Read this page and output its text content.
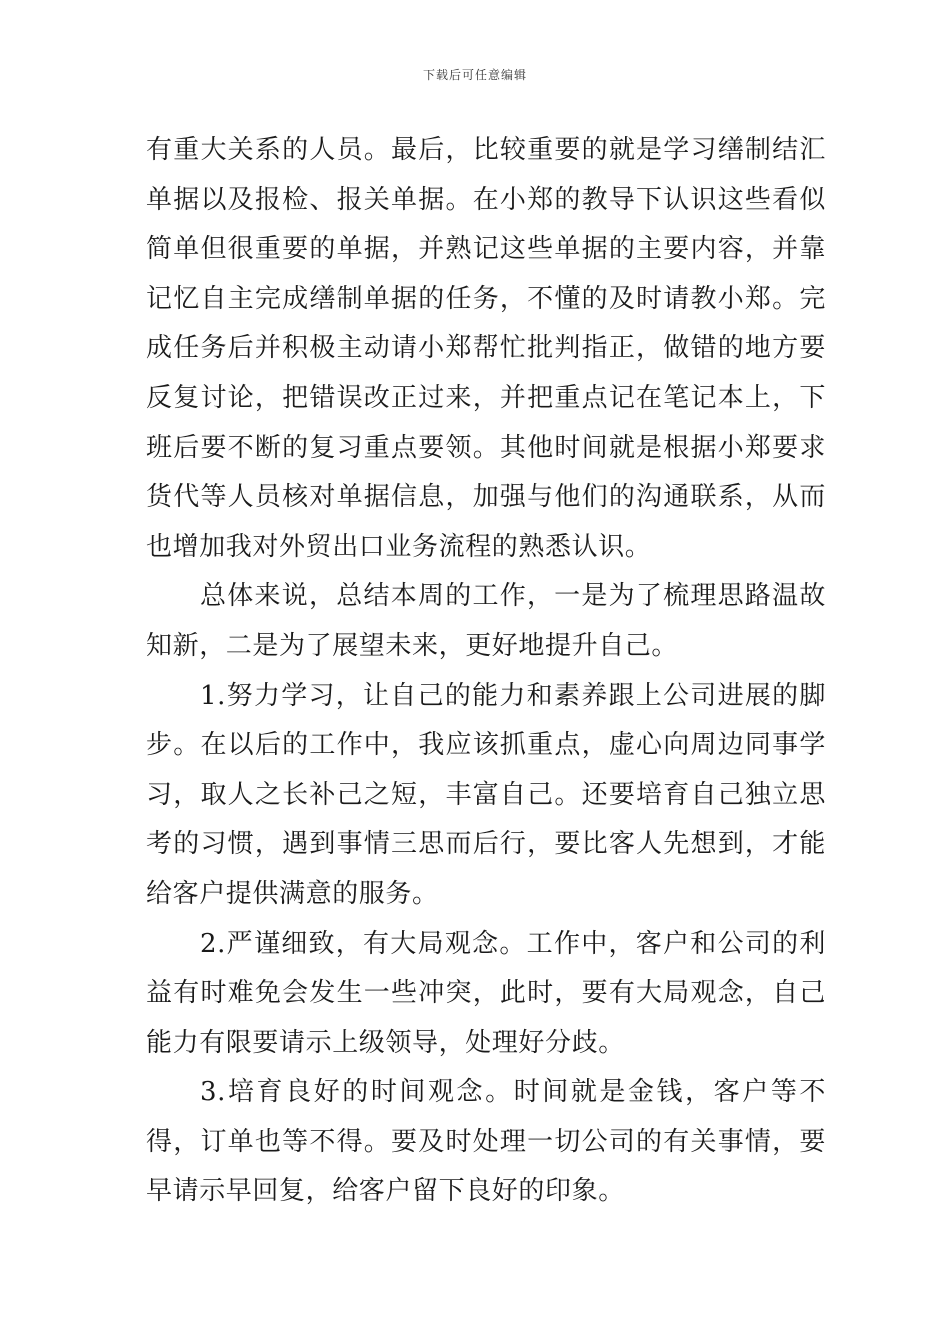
下载后可任意编辑

有重大关系的人员。最后，比较重要的就是学习缮制结汇单据以及报检、报关单据。在小郑的教导下认识这些看似简单但很重要的单据，并熟记这些单据的主要内容，并靠记忆自主完成缮制单据的任务，不懂的及时请教小郑。完成任务后并积极主动请小郑帮忙批判指正，做错的地方要反复讨论，把错误改正过来，并把重点记在笔记本上，下班后要不断的复习重点要领。其他时间就是根据小郑要求货代等人员核对单据信息，加强与他们的沟通联系，从而也增加我对外贸出口业务流程的熟悉认识。

总体来说，总结本周的工作，一是为了梳理思路温故知新，二是为了展望未来，更好地提升自己。

1.努力学习，让自己的能力和素养跟上公司进展的脚步。在以后的工作中，我应该抓重点，虚心向周边同事学习，取人之长补己之短，丰富自己。还要培育自己独立思考的习惯，遇到事情三思而后行，要比客人先想到，才能给客户提供满意的服务。

2.严谨细致，有大局观念。工作中，客户和公司的利益有时难免会发生一些冲突，此时，要有大局观念，自己能力有限要请示上级领导，处理好分歧。

3.培育良好的时间观念。时间就是金钱，客户等不得，订单也等不得。要及时处理一切公司的有关事情，要早请示早回复，给客户留下良好的印象。
